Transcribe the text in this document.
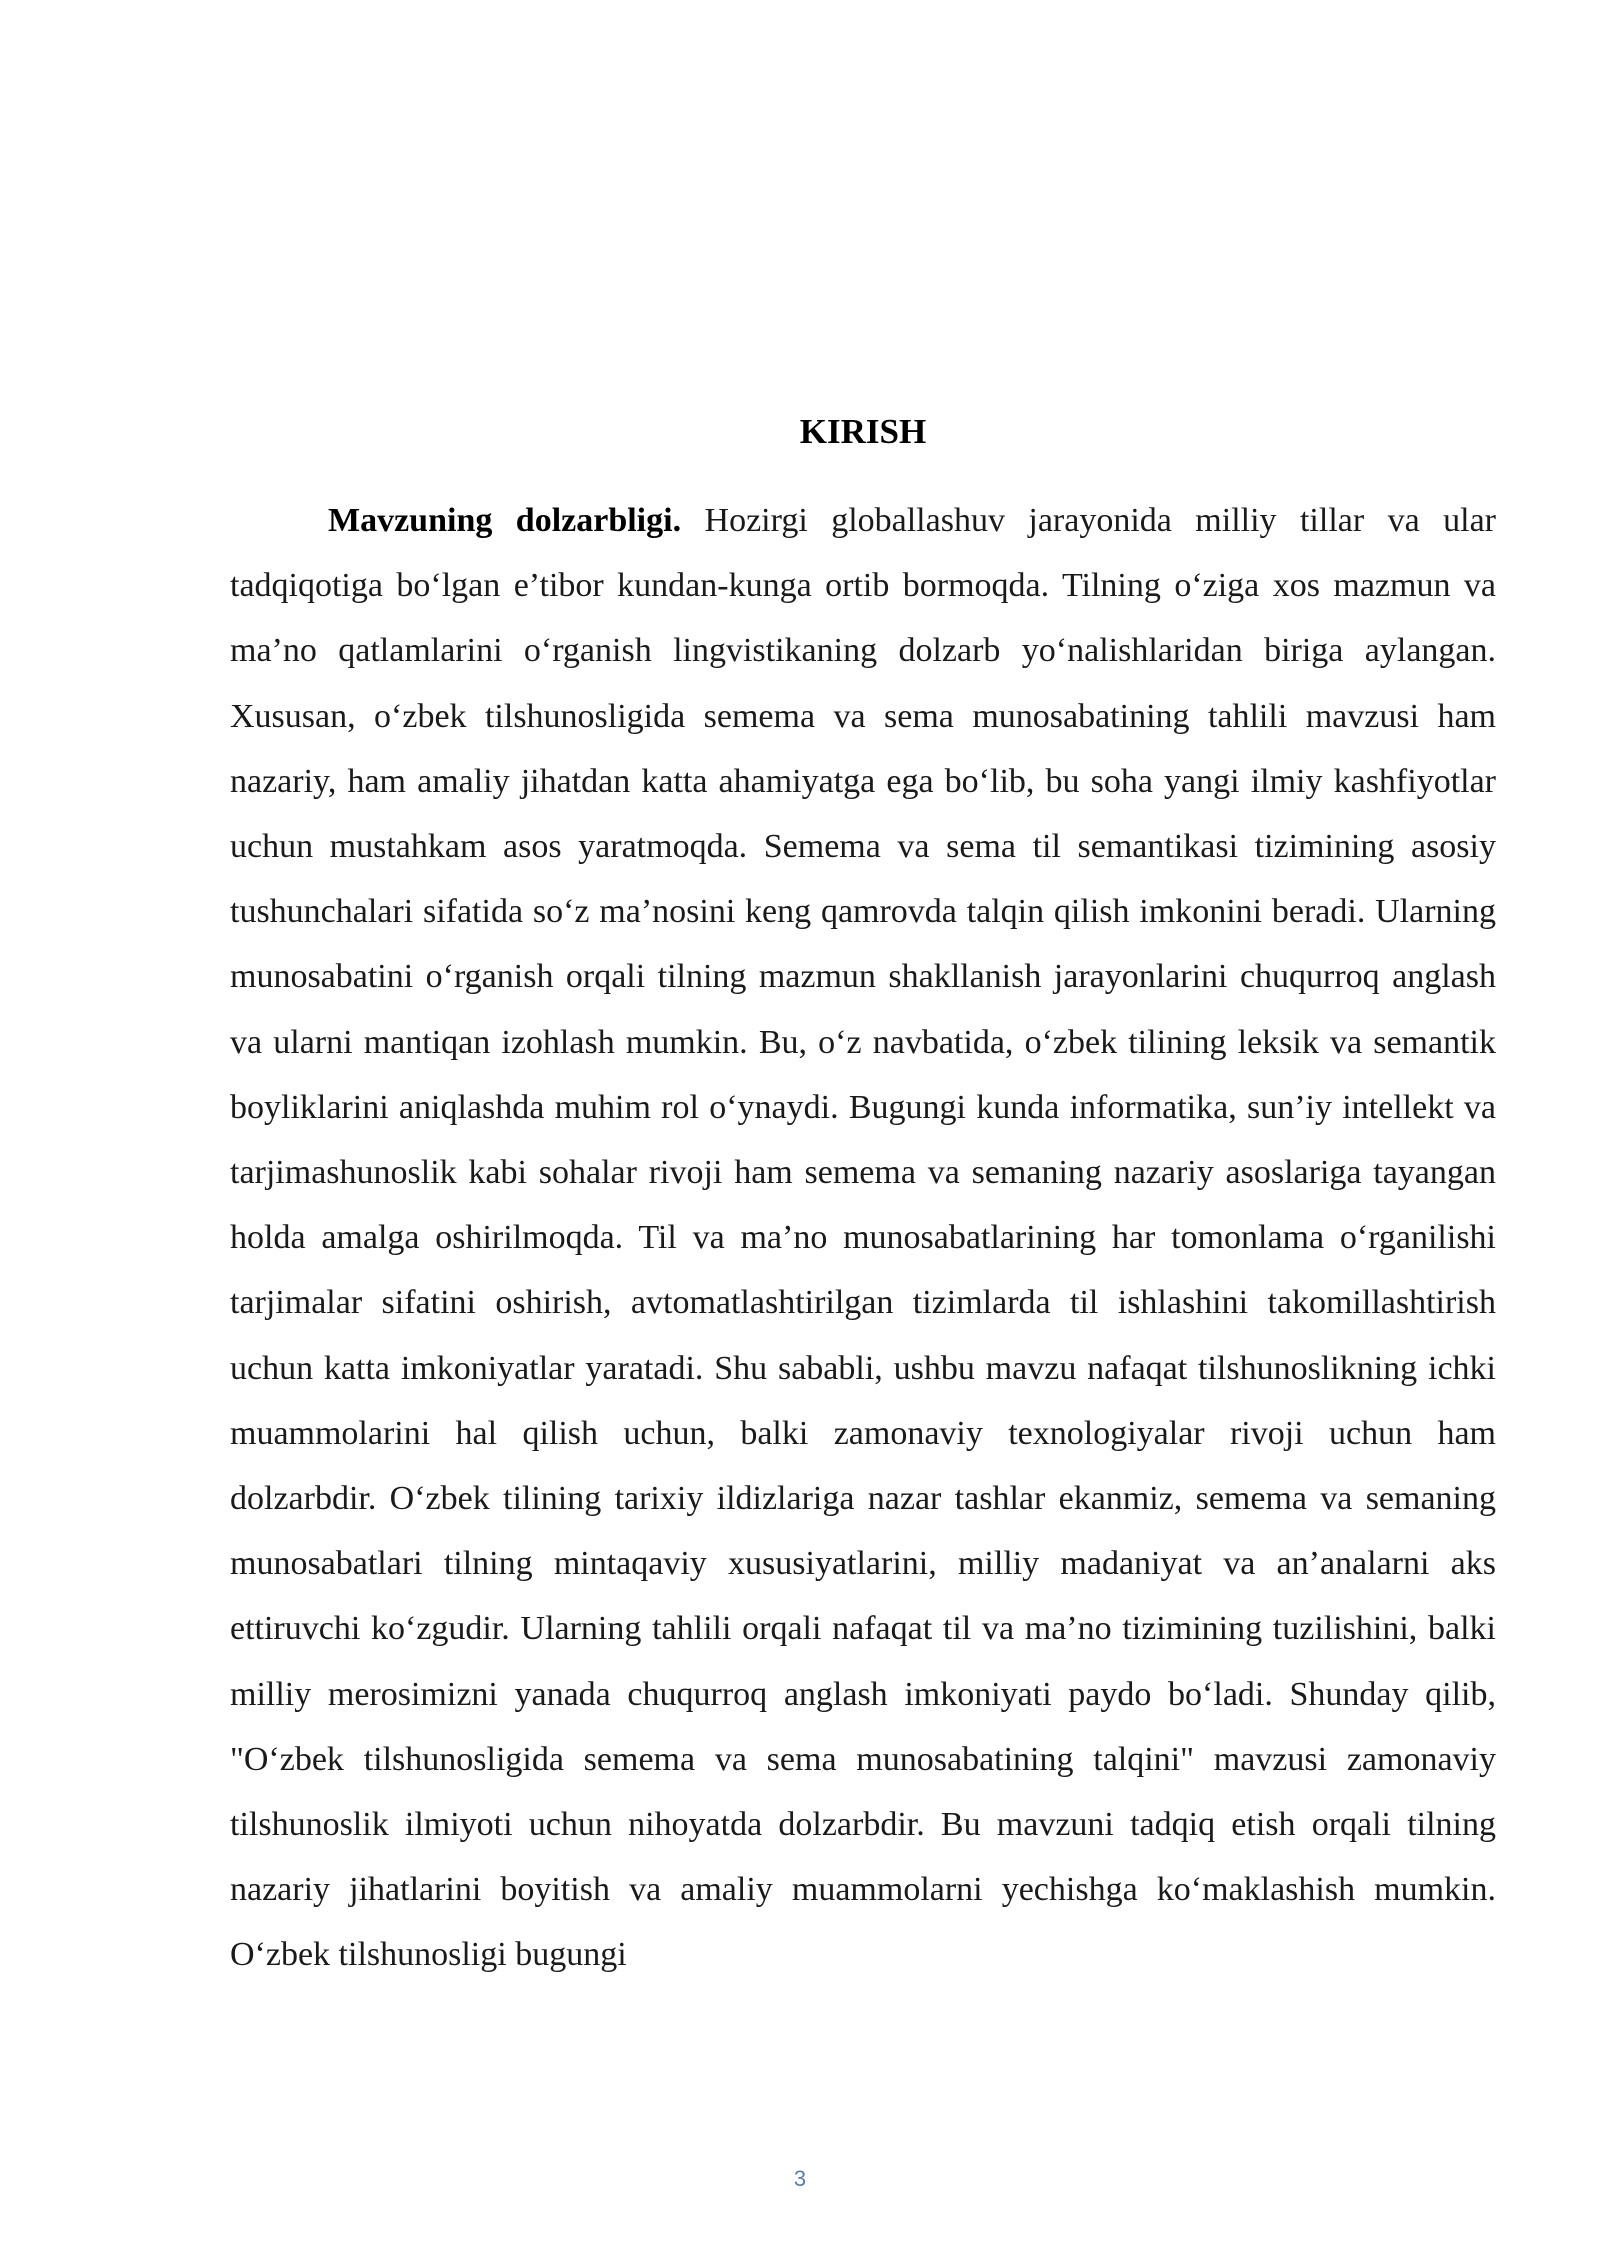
KIRISH

Mavzuning dolzarbligi. Hozirgi globallashuv jarayonida milliy tillar va ular tadqiqotiga bo‘lgan e’tibor kundan-kunga ortib bormoqda. Tilning o‘ziga xos mazmun va ma’no qatlamlarini o‘rganish lingvistikaning dolzarb yo‘nalishlaridan biriga aylangan. Xususan, o‘zbek tilshunosligida semema va sema munosabatining tahlili mavzusi ham nazariy, ham amaliy jihatdan katta ahamiyatga ega bo‘lib, bu soha yangi ilmiy kashfiyotlar uchun mustahkam asos yaratmoqda. Semema va sema til semantikasi tizimining asosiy tushunchalari sifatida so‘z ma’nosini keng qamrovda talqin qilish imkonini beradi. Ularning munosabatini o‘rganish orqali tilning mazmun shakllanish jarayonlarini chuqurroq anglash va ularni mantiqan izohlash mumkin. Bu, o‘z navbatida, o‘zbek tilining leksik va semantik boyliklarini aniqlashda muhim rol o‘ynaydi. Bugungi kunda informatika, sun’iy intellekt va tarjimashunoslik kabi sohalar rivoji ham semema va semaning nazariy asoslariga tayangan holda amalga oshirilmoqda. Til va ma’no munosabatlarining har tomonlama o‘rganilishi tarjimalar sifatini oshirish, avtomatlashtirilgan tizimlarda til ishlashini takomillashtirish uchun katta imkoniyatlar yaratadi. Shu sababli, ushbu mavzu nafaqat tilshunoslikning ichki muammolarini hal qilish uchun, balki zamonaviy texnologiyalar rivoji uchun ham dolzarbdir. O‘zbek tilining tarixiy ildizlariga nazar tashlar ekanmiz, semema va semaning munosabatlari tilning mintaqaviy xususiyatlarini, milliy madaniyat va an’analarni aks ettiruvchi ko‘zgudir. Ularning tahlili orqali nafaqat til va ma’no tizimining tuzilishini, balki milliy merosimizni yanada chuqurroq anglash imkoniyati paydo bo‘ladi. Shunday qilib, "O‘zbek tilshunosligida semema va sema munosabatining talqini" mavzusi zamonaviy tilshunoslik ilmiyoti uchun nihoyatda dolzarbdir. Bu mavzuni tadqiq etish orqali tilning nazariy jihatlarini boyitish va amaliy muammolarni yechishga ko‘maklashish mumkin. O‘zbek tilshunosligi bugungi

3
